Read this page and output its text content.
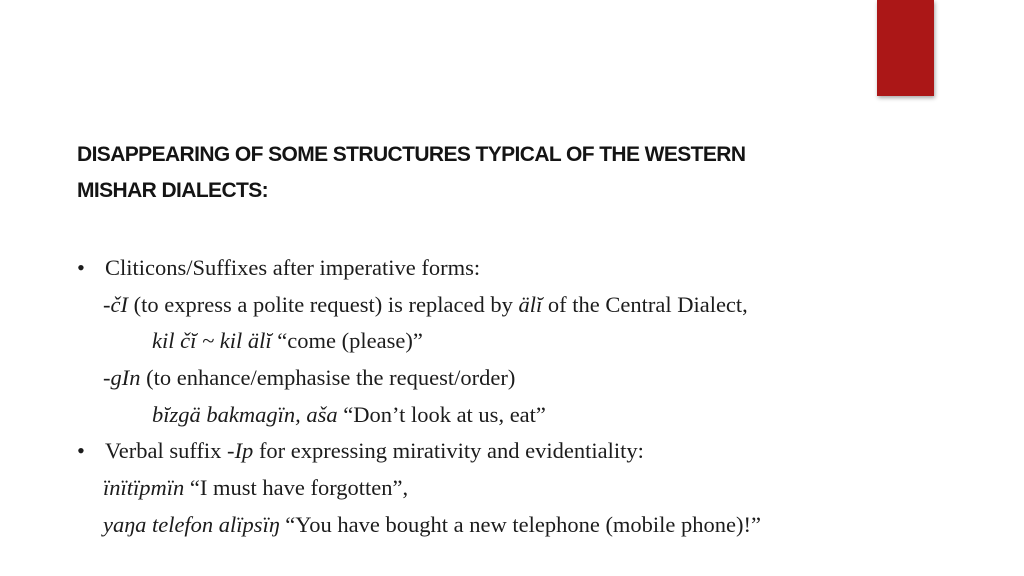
DISAPPEARING OF SOME STRUCTURES TYPICAL OF THE WESTERN
MISHAR DIALECTS:
• Cliticons/Suffixes after imperative forms:
-čI (to express a polite request) is replaced by älĭ of the Central Dialect,
kil čĭ ~ kil älĭ “come (please)”
-gIn (to enhance/emphasise the request/order)
bĭzgä bakmagïn, aša “Don’t look at us, eat”
• Verbal suffix -Ip for expressing mirativity and evidentiality:
ïnïtïpmïn “I must have forgotten”,
yaŋa telefon alïpsïŋ “You have bought a new telephone (mobile phone)!”
